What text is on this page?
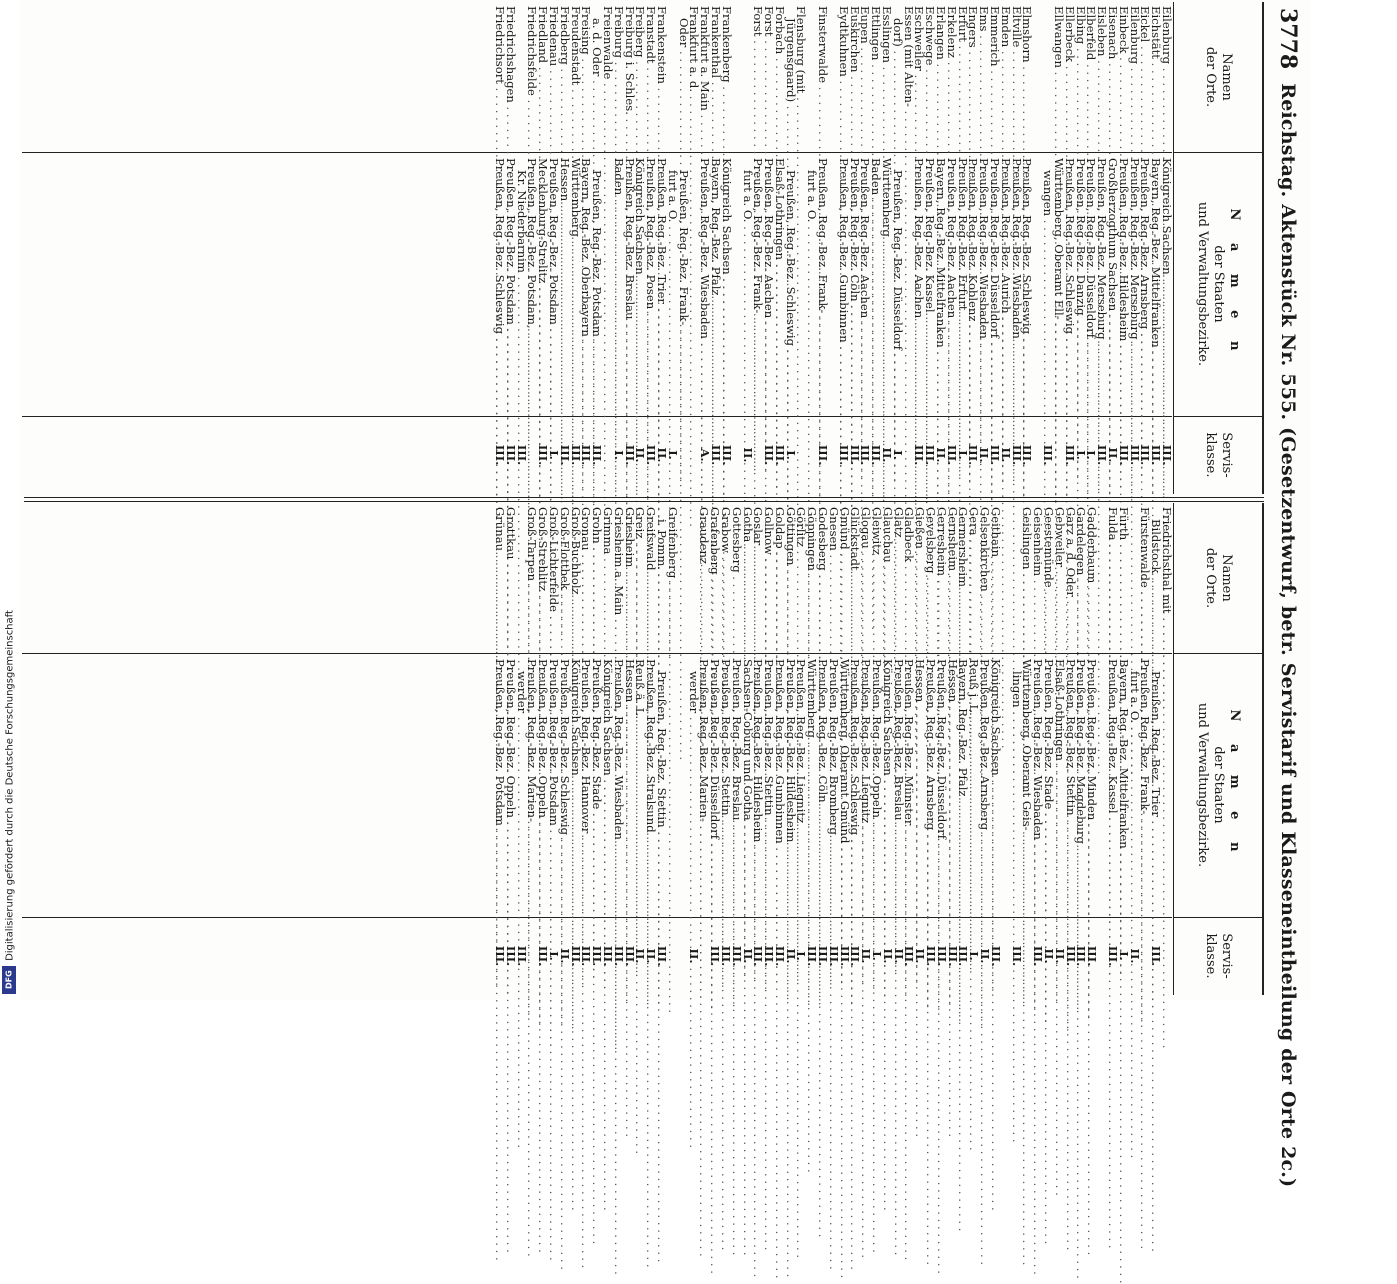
3778
Reichstag. Aktenstück Nr. 555. (Gesetzentwurf, betr. Servistarif und Klasseneintheilung der Orte 2c.)
Namen
der Orte.
N a m e n
der Staaten
und Verwaltungsbezirke.
Servis-
klasse.
Eilenburg . . .
Königreich Sachsen . . .
III.
Eichstätt . . .
Bayern, Reg.-Bez. Mittelfranken . . .
III.
Eickel . . .
Preußen, Reg.-Bez. Arnsberg . . .
III.
Eilenburg . . .
Preußen, Reg.-Bez. Merseburg . . .
III.
Einbeck . . .
Preußen, Reg.-Bez. Hildesheim . . .
III.
Eisenach . . .
Großherzogthum Sachsen . . .
II.
Eisleben . . .
Preußen, Reg.-Bez. Merseburg . . .
III.
Elberfeld . . .
Preußen, Reg.-Bez. Düsseldorf . . .
I.
Elbing . . .
Preußen, Reg.-Bez. Danzig . . .
I.
Ellerbeck . . .
Preußen, Reg.-Bez. Schleswig . . .
III.
Ellwangen . . .
Württemberg, Oberamt Ell- . . .
wangen . . .
III.
Elmshorn . . .
Preußen, Reg.-Bez. Schleswig . . .
III.
Eltville . . .
Preußen, Reg.-Bez. Wiesbaden . . .
III.
Emden . . .
Preußen, Reg.-Bez. Aurich . . .
II.
Emmerich . . .
Preußen, Reg.-Bez. Düsseldorf . . .
III.
Ems . . .
Preußen, Reg.-Bez. Wiesbaden . . .
II.
Engers . . .
Preußen, Reg.-Bez. Koblenz . . .
III.
Erfurt . . .
Preußen, Reg.-Bez. Erfurt . . .
I.
Erkelenz . . .
Preußen, Reg.-Bez. Aachen . . .
III.
Erlangen . . .
Bayern, Reg.-Bez. Mittelfranken . . .
II.
Eschwege . . .
Preußen, Reg.-Bez. Kassel . . .
III.
Eschweiler . . .
Preußen, Reg.-Bez. Aachen . . .
III.
Essen (mit Alten- . . .
dorf) . . .
Preußen, Reg.-Bez. Düsseldorf . . .
I.
Esslingen . . .
Württemberg . . .
II.
Ettlingen . . .
Baden . . .
III.
Eupen . . .
Preußen, Reg.-Bez. Aachen . . .
III.
Euskirchen . . .
Preußen, Reg.-Bez. Cöln . . .
III.
Eydtkuhnen . . .
Preußen, Reg.-Bez. Gumbinnen . . .
III.
Finsterwalde . . .
Preußen, Reg.-Bez. Frank- . . .
III.
furt a. O. . . .
Flensburg (mit . . .
Jürgensgaard) . . .
Preußen, Reg.-Bez. Schleswig . . .
I.
Forbach . . .
Elsaß-Lothringen . . .
III.
Forst . . .
Preußen, Reg.-Bez. Aachen . . .
III.
Forst . . .
Preußen, Reg.-Bez. Frank- . . .
furt a. O. . . .
II.
Frankenberg . . .
Königreich Sachsen . . .
III.
Frankenthal . . .
Bayern, Reg.-Bez. Pfalz . . .
III.
Frankfurt a. Main . . .
Preußen, Reg.-Bez. Wiesbaden . . .
A.
Frankfurt a. d. . . .
Oder . . .
Preußen, Reg.-Bez. Frank- . . .
furt a. O. . . .
I.
Frankenstein . . .
Preußen, Reg.-Bez. Trier . . .
II.
Franstadt . . .
Preußen, Reg.-Bez. Posen . . .
III.
Freiberg . . .
Königreich Sachsen . . .
II.
Freiburg i. Schles. . . .
Preußen, Reg.-Bez. Breslau . . .
III.
Freiburg . . .
Baden . . .
I.
Freienwalde . . .
a. d. Oder . . .
Preußen, Reg.-Bez. Potsdam . . .
III.
Freising . . .
Bayern, Reg.-Bez. Oberbayern . . .
III.
Freudenstadt . . .
Württemberg . . .
III.
Friedberg . . .
Hessen . . .
III.
Friedenau . . .
Preußen, Reg.-Bez. Potsdam . . .
I.
Friedland . . .
Mecklenburg-Strelitz . . .
III.
Friedrichsfelde . . .
Preußen, Reg.-Bez. Potsdam, . . .
Kr. Niederbarnim . . .
III.
Friedrichshagen . . .
Preußen, Reg.-Bez. Potsdam . . .
III.
Friedrichsort . . .
Preußen, Reg.-Bez. Schleswig . . .
III.
Namen
der Orte.
N a m e n
der Staaten
und Verwaltungsbezirke.
Servis-
klasse.
Friedrichsthal mit . . .
Bildstock . . .
Preußen, Reg.-Bez. Trier . . .
III.
Fürstenwalde . . .
Preußen, Reg.-Bez. Frank- . . .
furt a. O. . . .
II.
Fürth . . .
Bayern, Reg.-Bez. Mittelfranken . . .
I.
Fulda . . .
Preußen, Reg.-Bez. Kassel . . .
III.
Gadderbaum . . .
Preußen, Reg.-Bez. Minden . . .
III.
Gardelegen . . .
Preußen, Reg.-Bez. Magdeburg . . .
III.
Garz a. d. Oder . . .
Preußen, Reg.-Bez. Stettin . . .
III.
Gebweiler . . .
Elsaß-Lothringen . . .
II.
Geestemünde . . .
Preußen, Reg.-Bez. Stade . . .
II.
Geisenheim . . .
Preußen, Reg.-Bez. Wiesbaden . . .
III.
Geislingen . . .
Württemberg, Oberamt Geis- . . .
lingen . . .
III.
Geithain . . .
Königreich Sachsen . . .
III.
Gelsenkirchen . . .
Preußen, Reg.-Bez. Arnsberg . . .
II.
Gera . . .
Reuß j. L. . . .
I.
Germersheim . . .
Bayern, Reg.-Bez. Pfalz . . .
III.
Gernsheim . . .
Hessen . . .
III.
Gerresheim . . .
Preußen, Reg.-Bez. Düsseldorf . . .
III.
Gevelsberg . . .
Preußen, Reg.-Bez. Arnsberg . . .
III.
Gießen . . .
Hessen . . .
II.
Gladbeck . . .
Preußen, Reg.-Bez. Münster . . .
III.
Glatz . . .
Preußen, Reg.-Bez. Breslau . . .
II.
Glauchau . . .
Königreich Sachsen . . .
II.
Gleiwitz . . .
Preußen, Reg.-Bez. Oppeln . . .
I.
Glogau . . .
Preußen, Reg.-Bez. Liegnitz . . .
II.
Glückstadt . . .
Preußen, Reg.-Bez. Schleswig . . .
III.
Gmünd . . .
Württemberg, Oberamt Gmünd . . .
III.
Gnesen . . .
Preußen, Reg.-Bez. Bromberg . . .
III.
Godesberg . . .
Preußen, Reg.-Bez. Cöln . . .
III.
Göppingen . . .
Württemberg . . .
III.
Görlitz . . .
Preußen, Reg.-Bez. Liegnitz . . .
I.
Göttingen . . .
Preußen, Reg.-Bez. Hildesheim . . .
II.
Goldap . . .
Preußen, Reg.-Bez. Gumbinnen . . .
III.
Gollnow . . .
Preußen, Reg.-Bez. Stettin . . .
III.
Goslar . . .
Preußen, Reg.-Bez. Hildesheim . . .
III.
Gotha . . .
Sachsen-Coburg und Gotha . . .
II.
Gottesberg . . .
Preußen, Reg.-Bez. Breslau . . .
III.
Grabow . . .
Preußen, Reg.-Bez. Stettin . . .
III.
Grafenberg . . .
Preußen, Reg.-Bez. Düsseldorf . . .
III.
Graudenz . . .
Preußen, Reg.-Bez. Marien- . . .
werder . . .
II.
Greifenberg . . .
i. Pomm. . . .
Preußen, Reg.-Bez. Stettin . . .
III.
Greifswald . . .
Preußen, Reg.-Bez. Stralsund . . .
II.
Greiz . . .
Reuß ä. L. . . .
II.
Griesheim . . .
Hessen . . .
III.
Griesheim a. Main . . .
Preußen, Reg.-Bez. Wiesbaden . . .
III.
Grimma . . .
Königreich Sachsen . . .
III.
Grohn . . .
Preußen, Reg.-Bez. Stade . . .
III.
Gronau . . .
Preußen, Reg.-Bez. Hannover . . .
III.
Groß-Buchholz . . .
Königreich Sachsen . . .
III.
Groß-Flottbek . . .
Preußen, Reg.-Bez. Schleswig . . .
II.
Groß-Lichterfelde . . .
Preußen, Reg.-Bez. Potsdam . . .
I.
Groß-Strehlitz . . .
Preußen, Reg.-Bez. Oppeln . . .
III.
Groß-Tarpen . . .
Preußen, Reg.-Bez. Marien- . . .
werder . . .
III.
Grottkau . . .
Preußen, Reg.-Bez. Oppeln . . .
III.
Grünau . . .
Preußen, Reg.-Bez. Potsdam . . .
III.
Digitalisierung gefördert durch die Deutsche Forschungsgemeinschaft
DFG
